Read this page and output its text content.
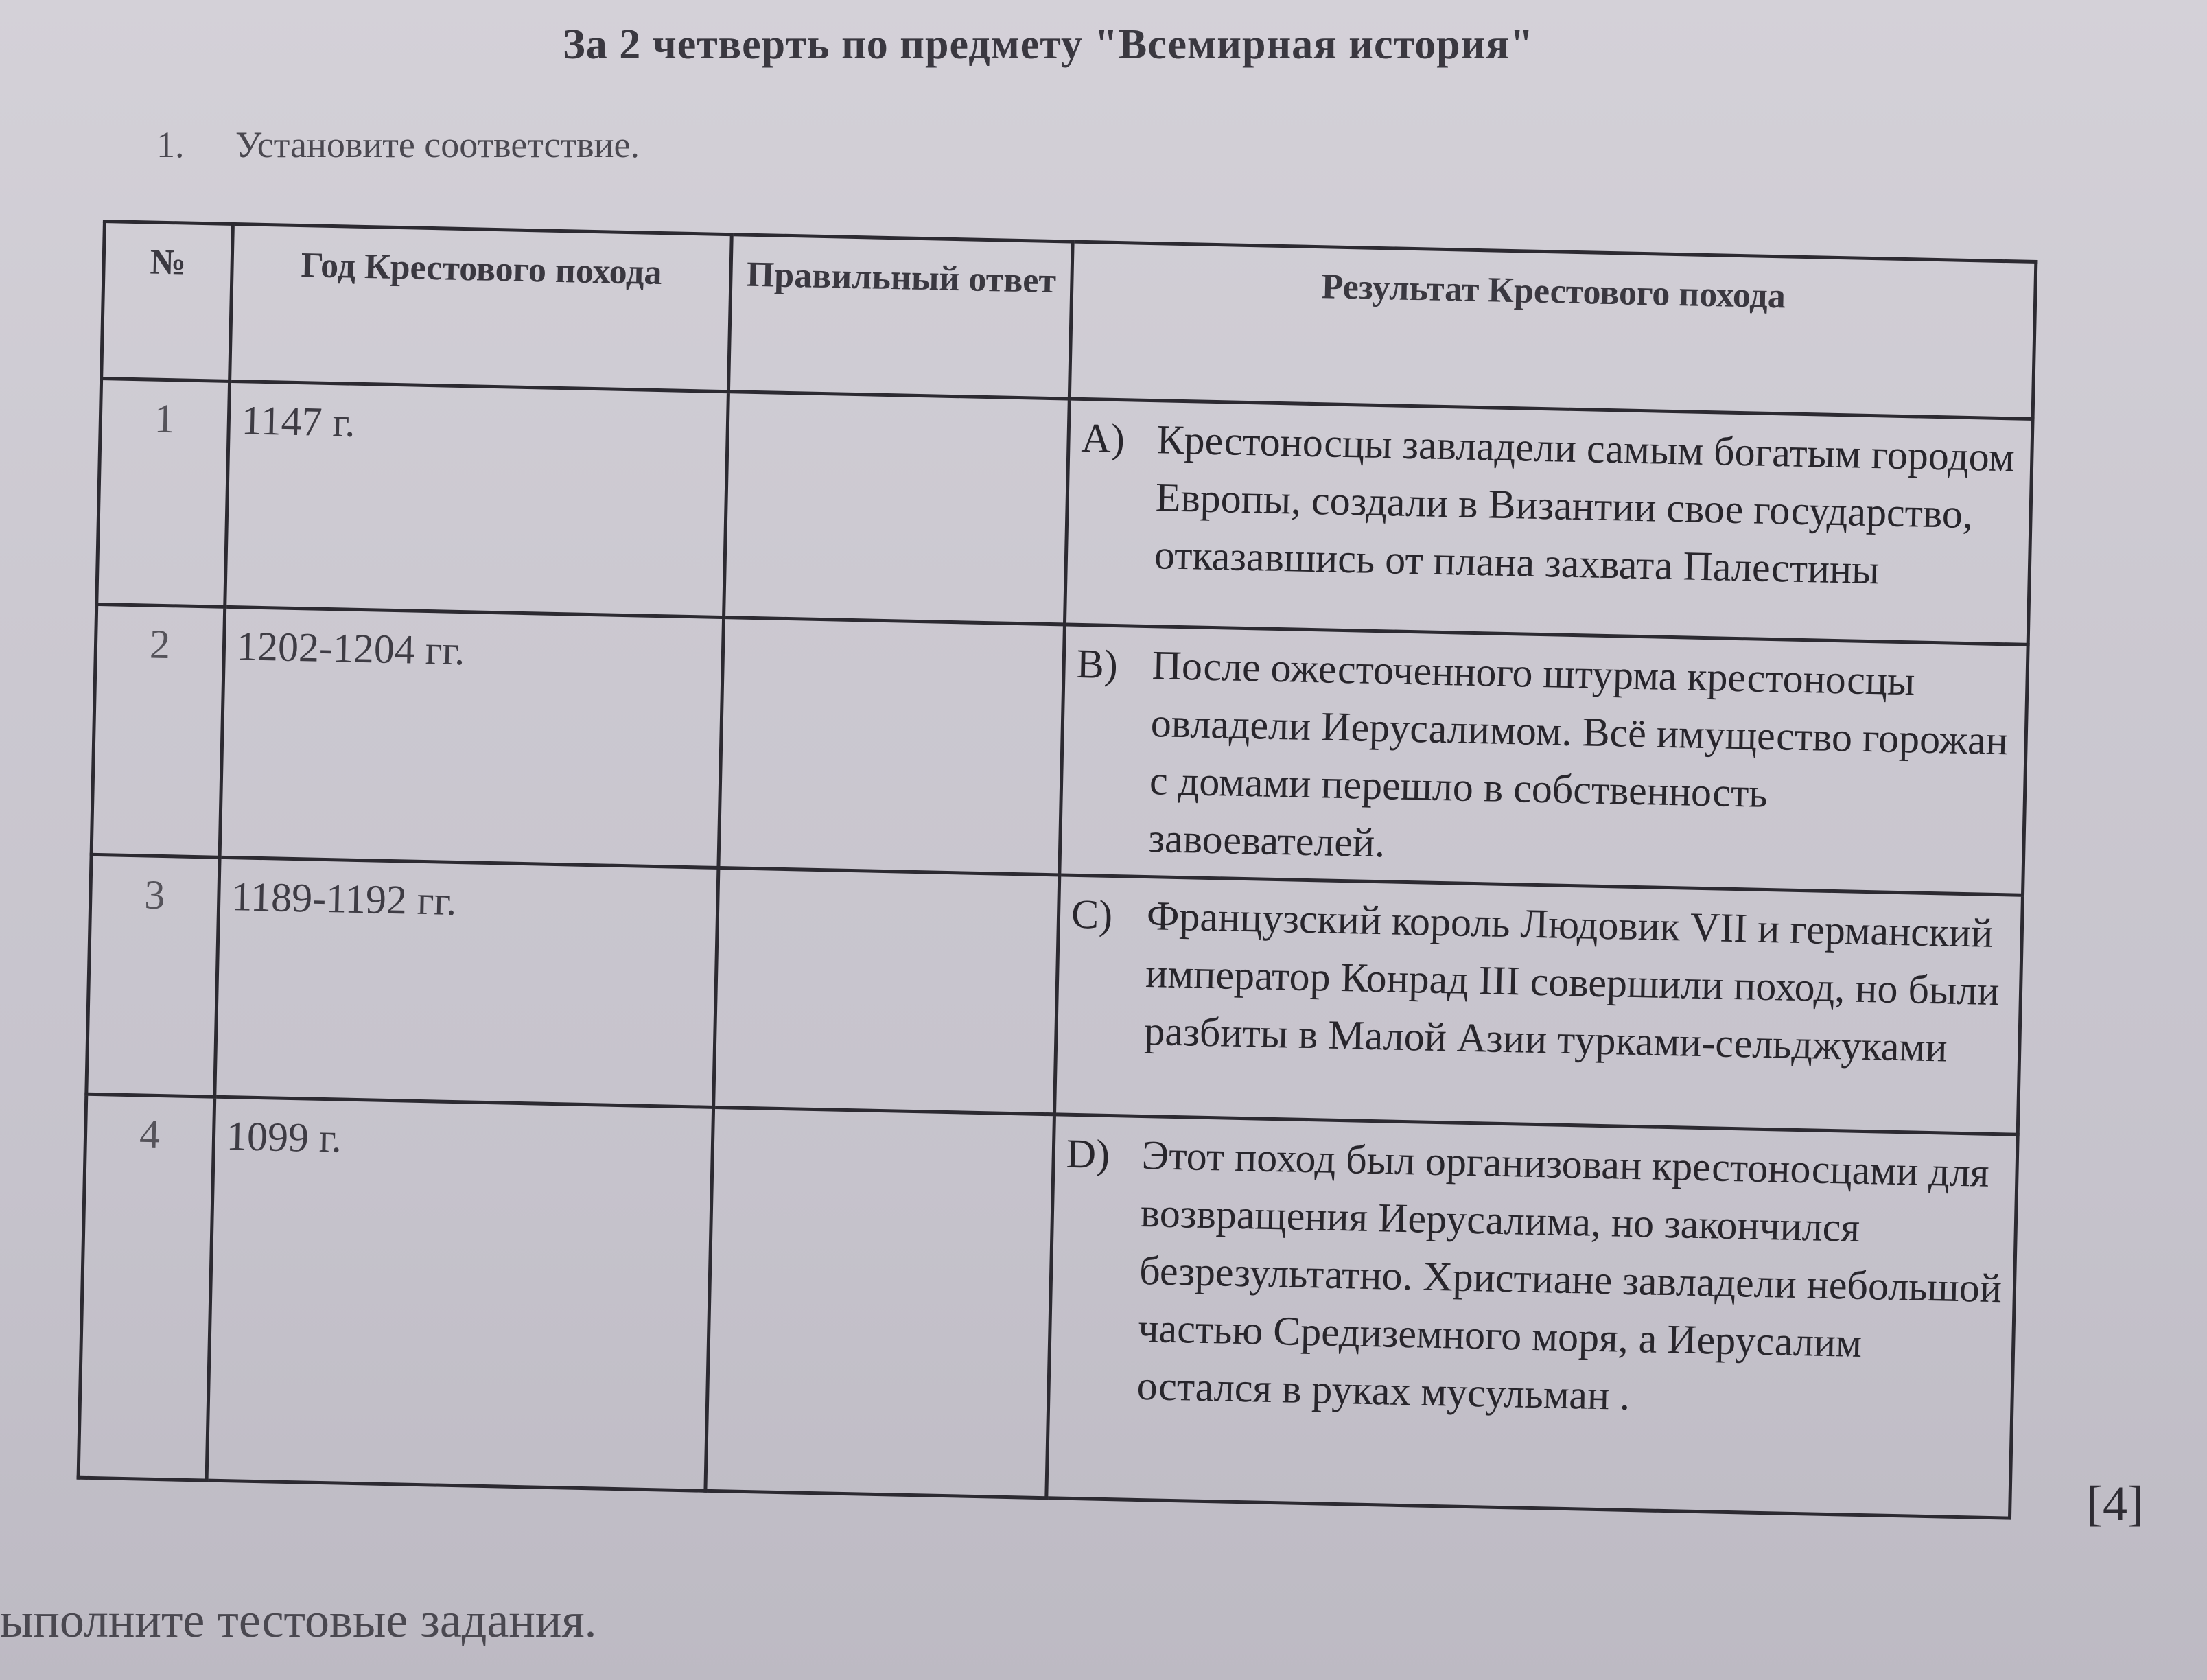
За 2 четверть по предмету "Всемирная история"
1. Установите соответствие.
№	Год Крестового похода	Правильный ответ	Результат Крестового похода
1	1147 г.		A) Крестоносцы завладели самым богатым городом Европы, создали в Византии свое государство, отказавшись от плана захвата Палестины

2	1202-1204 гг.		B) После ожесточенного штурма крестоносцы овладели Иерусалимом. Всё имущество горожан с домами перешло в собственность завоевателей.

3	1189-1192 гг.		C) Французский король Людовик VII и германский император Конрад III совершили поход, но были разбиты в Малой Азии турками-сельджуками

4	1099 г.		D) Этот поход был организован крестоносцами для возвращения Иерусалима, но закончился безрезультатно. Христиане завладели небольшой частью Средиземного моря, а Иерусалим остался в руках мусульман .
[4]
ыполните тестовые задания.
